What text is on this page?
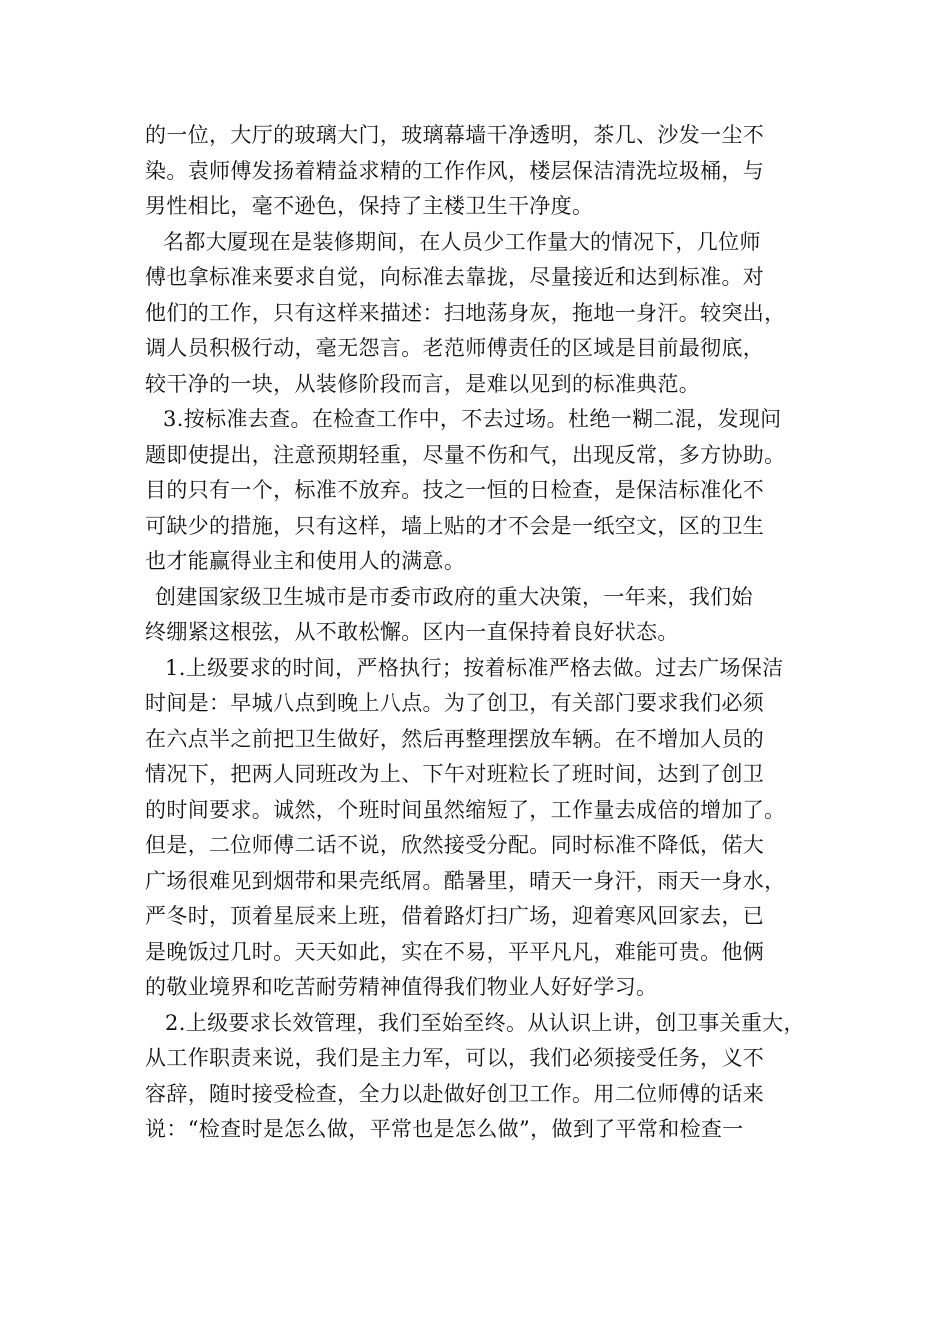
的一位，大厅的玻璃大门，玻璃幕墙干净透明，茶几、沙发一尘不
染。袁师傅发扬着精益求精的工作作风，楼层保洁清洗垃圾桶，与
男性相比，毫不逊色，保持了主楼卫生干净度。
名都大厦现在是装修期间，在人员少工作量大的情况下，几位师
傅也拿标准来要求自觉，向标准去靠拢，尽量接近和达到标准。对
他们的工作，只有这样来描述：扫地荡身灰，拖地一身汗。较突出，
调人员积极行动，毫无怨言。老范师傅责任的区域是目前最彻底，
较干净的一块，从装修阶段而言，是难以见到的标准典范。
3.按标准去查。在检查工作中，不去过场。杜绝一糊二混，发现问
题即使提出，注意预期轻重，尽量不伤和气，出现反常，多方协助。
目的只有一个，标准不放弃。技之一恒的日检查，是保洁标准化不
可缺少的措施，只有这样，墙上贴的才不会是一纸空文，区的卫生
也才能赢得业主和使用人的满意。
创建国家级卫生城市是市委市政府的重大决策，一年来，我们始
终绷紧这根弦，从不敢松懈。区内一直保持着良好状态。
1.上级要求的时间，严格执行；按着标准严格去做。过去广场保洁
时间是：早城八点到晚上八点。为了创卫，有关部门要求我们必须
在六点半之前把卫生做好，然后再整理摆放车辆。在不增加人员的
情况下，把两人同班改为上、下午对班粒长了班时间，达到了创卫
的时间要求。诚然，个班时间虽然缩短了，工作量去成倍的增加了。
但是，二位师傅二话不说，欣然接受分配。同时标准不降低，偌大
广场很难见到烟带和果壳纸屑。酷暑里，晴天一身汗，雨天一身水，
严冬时，顶着星辰来上班，借着路灯扫广场，迎着寒风回家去，已
是晚饭过几时。天天如此，实在不易，平平凡凡，难能可贵。他俩
的敬业境界和吃苦耐劳精神值得我们物业人好好学习。
2.上级要求长效管理，我们至始至终。从认识上讲，创卫事关重大，
从工作职责来说，我们是主力军，可以，我们必须接受任务，义不
容辞，随时接受检查，全力以赴做好创卫工作。用二位师傅的话来
说：“检查时是怎么做，平常也是怎么做”，做到了平常和检查一
